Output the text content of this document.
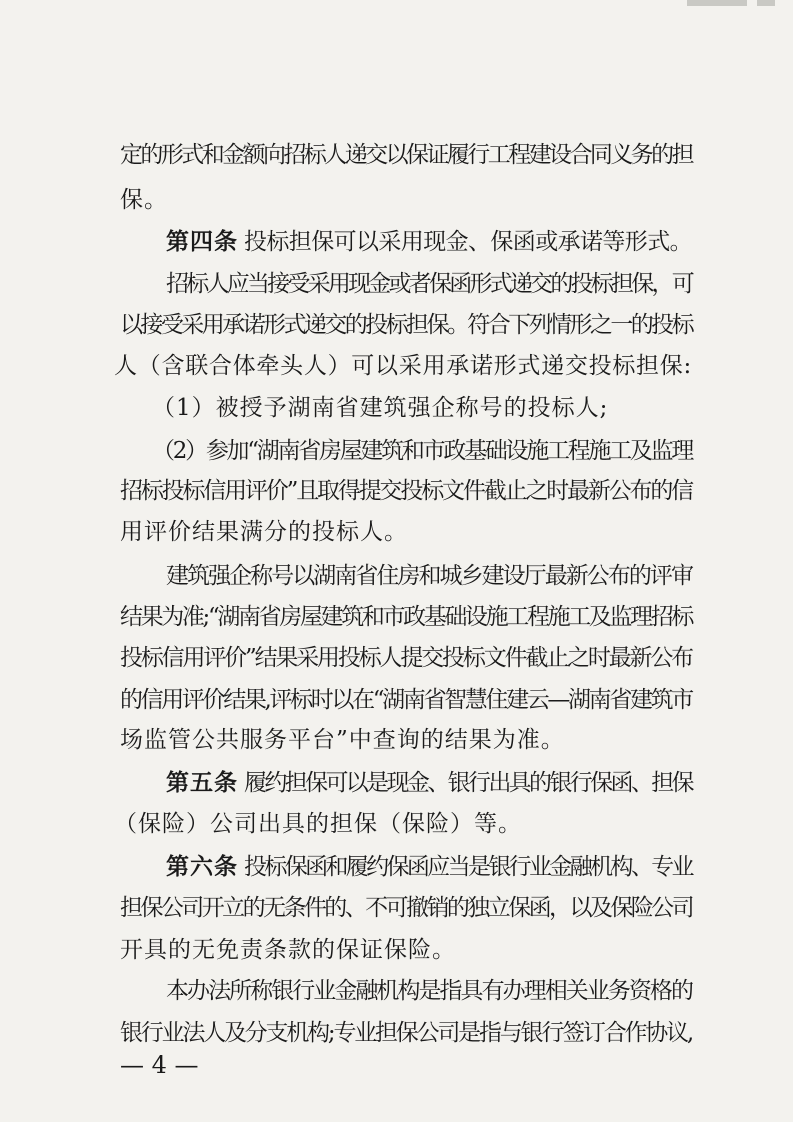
定的形式和金额向招标人递交以保证履行工程建设合同义务的担
保。
第四条 投标担保可以采用现金、保函或承诺等形式。
招标人应当接受采用现金或者保函形式递交的投标担保，可
以接受采用承诺形式递交的投标担保。符合下列情形之一的投标
人（含联合体牵头人）可以采用承诺形式递交投标担保:
（1）被授予湖南省建筑强企称号的投标人;
（2）参加“湖南省房屋建筑和市政基础设施工程施工及监理
招标投标信用评价”且取得提交投标文件截止之时最新公布的信
用评价结果满分的投标人。
建筑强企称号以湖南省住房和城乡建设厅最新公布的评审
结果为准;“湖南省房屋建筑和市政基础设施工程施工及监理招标
投标信用评价”结果采用投标人提交投标文件截止之时最新公布
的信用评价结果,评标时以在“湖南省智慧住建云—湖南省建筑市
场监管公共服务平台”中查询的结果为准。
第五条 履约担保可以是现金、银行出具的银行保函、担保
（保险）公司出具的担保（保险）等。
第六条 投标保函和履约保函应当是银行业金融机构、专业
担保公司开立的无条件的、不可撤销的独立保函，以及保险公司
开具的无免责条款的保证保险。
本办法所称银行业金融机构是指具有办理相关业务资格的
银行业法人及分支机构;专业担保公司是指与银行签订合作协议,
— 4 —
